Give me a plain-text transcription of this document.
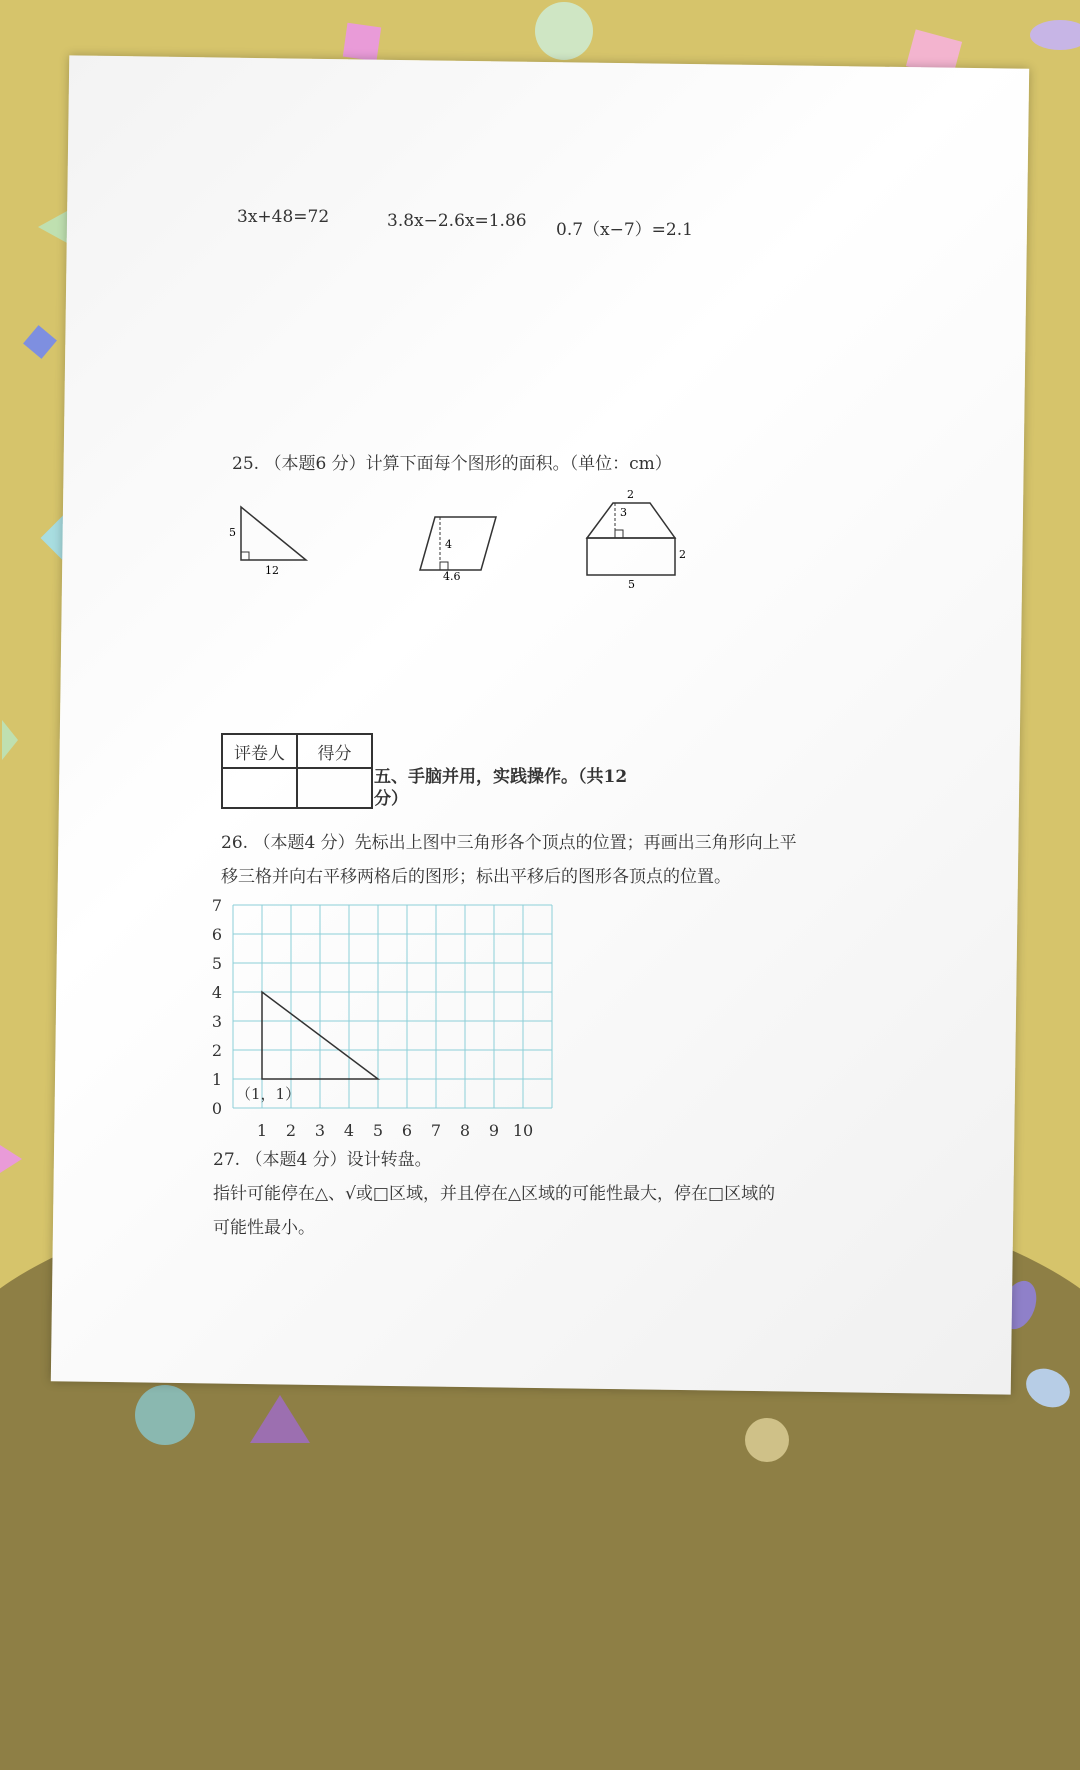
3x+48=72	3.8x−2.6x=1.86 0.7（x−7）=2.1
25. （本题6 分）计算下面每个图形的面积。（单位：cm）
5
12
4
4.6
2
3
2
5
评卷人	得分

五、手脑并用，实践操作。（共12
分）
26. （本题4 分）先标出上图中三角形各个顶点的位置；再画出三角形向上平
移三格并向右平移两格后的图形；标出平移后的图形各顶点的位置。
7
6
5
4
3
2
1
0
1 2 3 4 5 6 7 8 9 10
（1，1）
27. （本题4 分）设计转盘。
指针可能停在△、√或□区域，并且停在△区域的可能性最大，停在□区域的
可能性最小。
